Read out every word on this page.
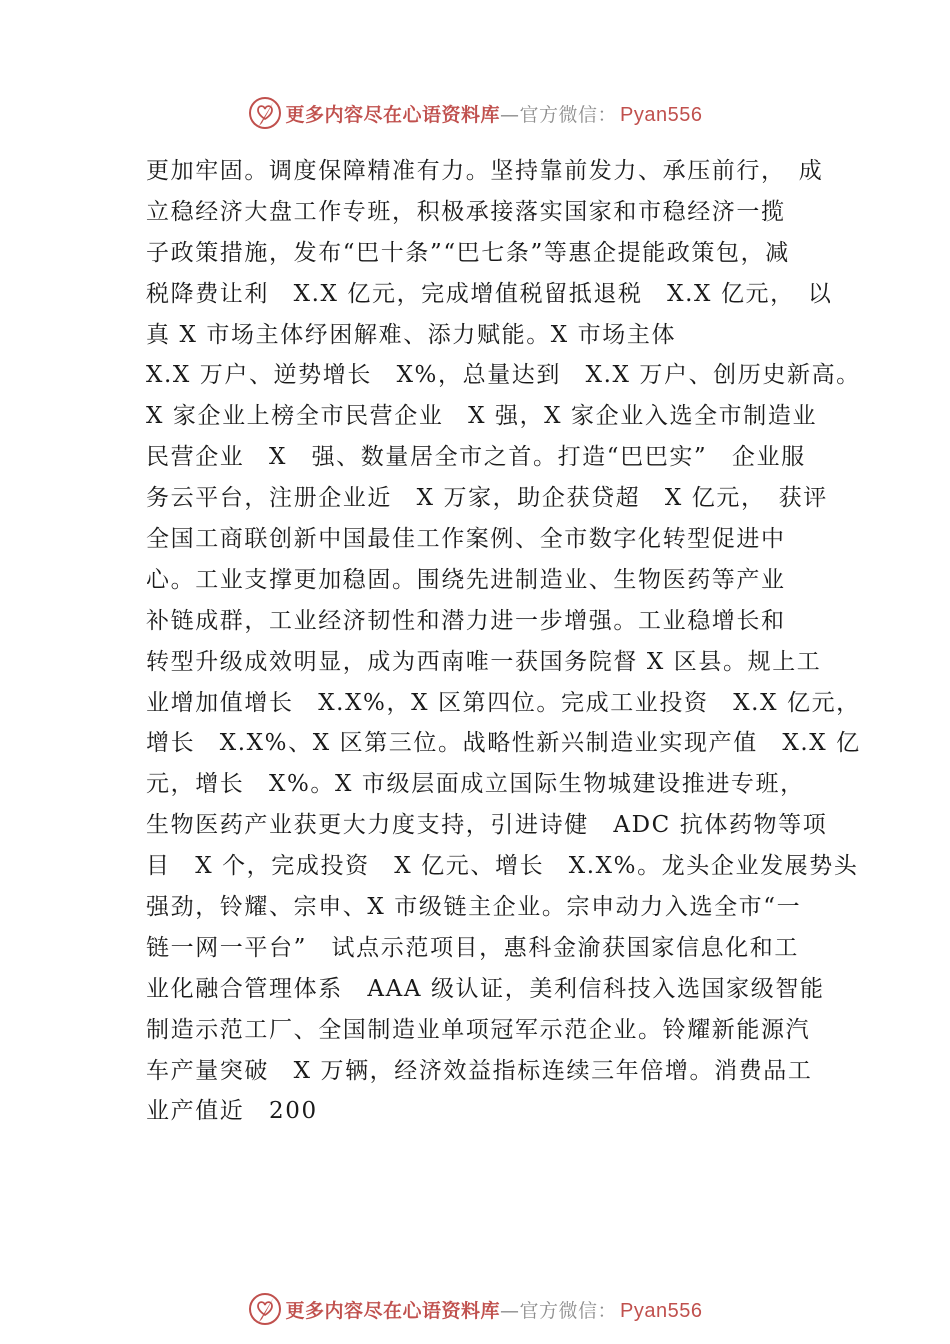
更多内容尽在心语资料库—官方微信： Pyan556
更加牢固。调度保障精准有力。坚持靠前发力、承压前行，　成
立稳经济大盘工作专班，积极承接落实国家和市稳经济一揽
子政策措施，发布“巴十条”“巴七条”等惠企提能政策包，减
税降费让利　X.X 亿元，完成增值税留抵退税　X.X 亿元，　以
真 X 市场主体纾困解难、添力赋能。X 市场主体
X.X 万户、逆势增长　X%，总量达到　X.X 万户、创历史新高。
X 家企业上榜全市民营企业　X 强，X 家企业入选全市制造业
民营企业　X　强、数量居全市之首。打造“巴巴实”　企业服
务云平台，注册企业近　X 万家，助企获贷超　X 亿元，　获评
全国工商联创新中国最佳工作案例、全市数字化转型促进中
心。工业支撑更加稳固。围绕先进制造业、生物医药等产业
补链成群，工业经济韧性和潜力进一步增强。工业稳增长和
转型升级成效明显，成为西南唯一获国务院督 X 区县。规上工
业增加值增长　X.X%，X 区第四位。完成工业投资　X.X 亿元，
增长　X.X%、X 区第三位。战略性新兴制造业实现产值　X.X 亿
元，增长　X%。X 市级层面成立国际生物城建设推进专班，
生物医药产业获更大力度支持，引进诗健　ADC 抗体药物等项
目　X 个，完成投资　X 亿元、增长　X.X%。龙头企业发展势头
强劲，铃耀、宗申、X 市级链主企业。宗申动力入选全市“一
链一网一平台”　试点示范项目，惠科金渝获国家信息化和工
业化融合管理体系　AAA 级认证，美利信科技入选国家级智能
制造示范工厂、全国制造业单项冠军示范企业。铃耀新能源汽
车产量突破　X 万辆，经济效益指标连续三年倍增。消费品工
业产值近　200
更多内容尽在心语资料库—官方微信： Pyan556
